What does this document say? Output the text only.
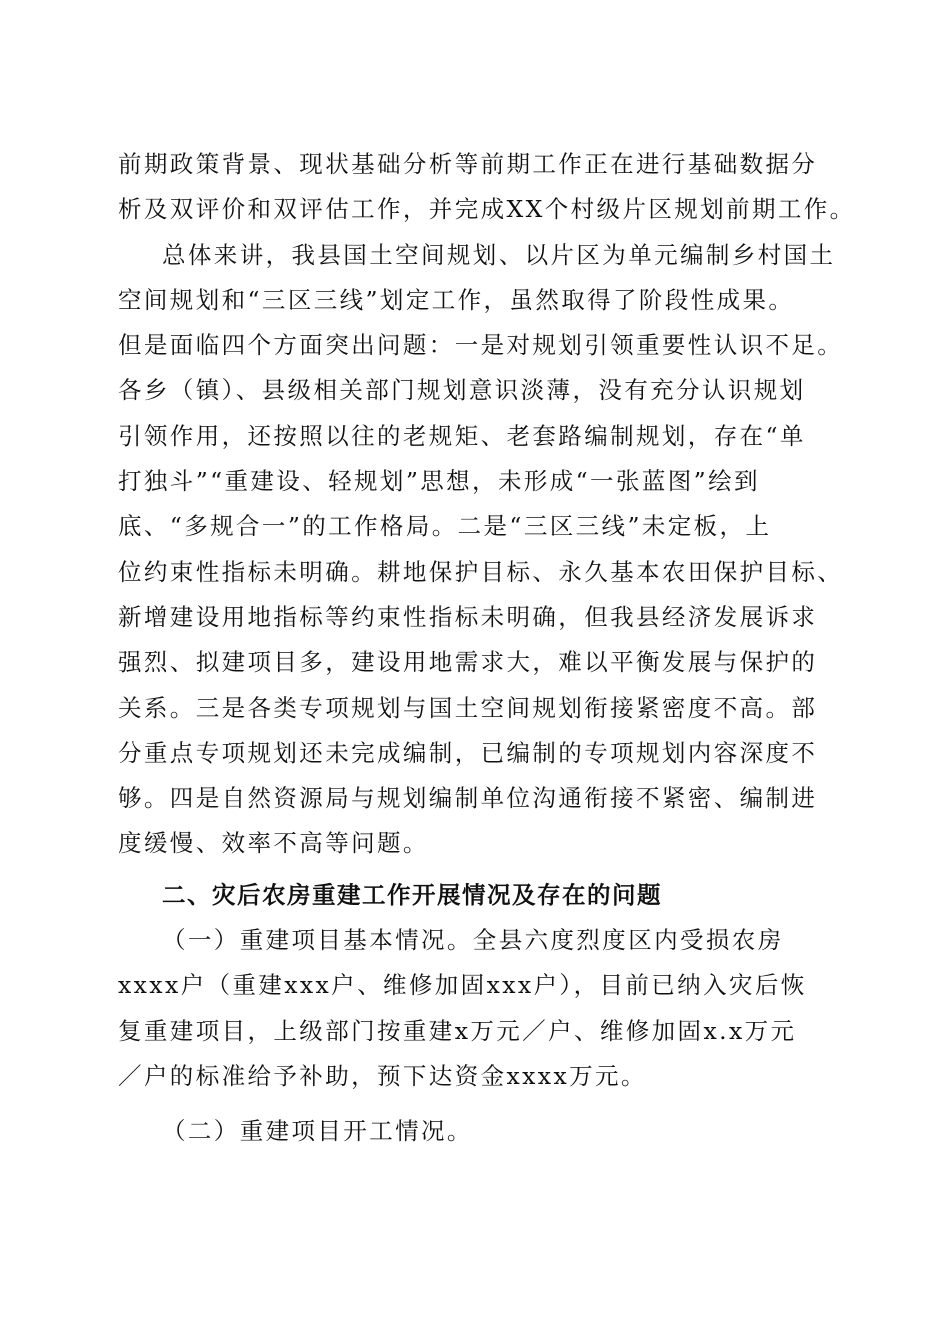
前期政策背景、现状基础分析等前期工作正在进行基础数据分
析及双评价和双评估工作，并完成XX个村级片区规划前期工作。
总体来讲，我县国土空间规划、以片区为单元编制乡村国土
空间规划和“三区三线”划定工作，虽然取得了阶段性成果。
但是面临四个方面突出问题：一是对规划引领重要性认识不足。
各乡（镇）、县级相关部门规划意识淡薄，没有充分认识规划
引领作用，还按照以往的老规矩、老套路编制规划，存在“单
打独斗”“重建设、轻规划”思想，未形成“一张蓝图”绘到
底、“多规合一”的工作格局。二是“三区三线”未定板，上
位约束性指标未明确。耕地保护目标、永久基本农田保护目标、
新增建设用地指标等约束性指标未明确，但我县经济发展诉求
强烈、拟建项目多，建设用地需求大，难以平衡发展与保护的
关系。三是各类专项规划与国土空间规划衔接紧密度不高。部
分重点专项规划还未完成编制，已编制的专项规划内容深度不
够。四是自然资源局与规划编制单位沟通衔接不紧密、编制进
度缓慢、效率不高等问题。
二、灾后农房重建工作开展情况及存在的问题
（一）重建项目基本情况。全县六度烈度区内受损农房
xxxx户（重建xxx户、维修加固xxx户），目前已纳入灾后恢
复重建项目，上级部门按重建x万元／户、维修加固x.x万元
／户的标准给予补助，预下达资金xxxx万元。
（二）重建项目开工情况。
